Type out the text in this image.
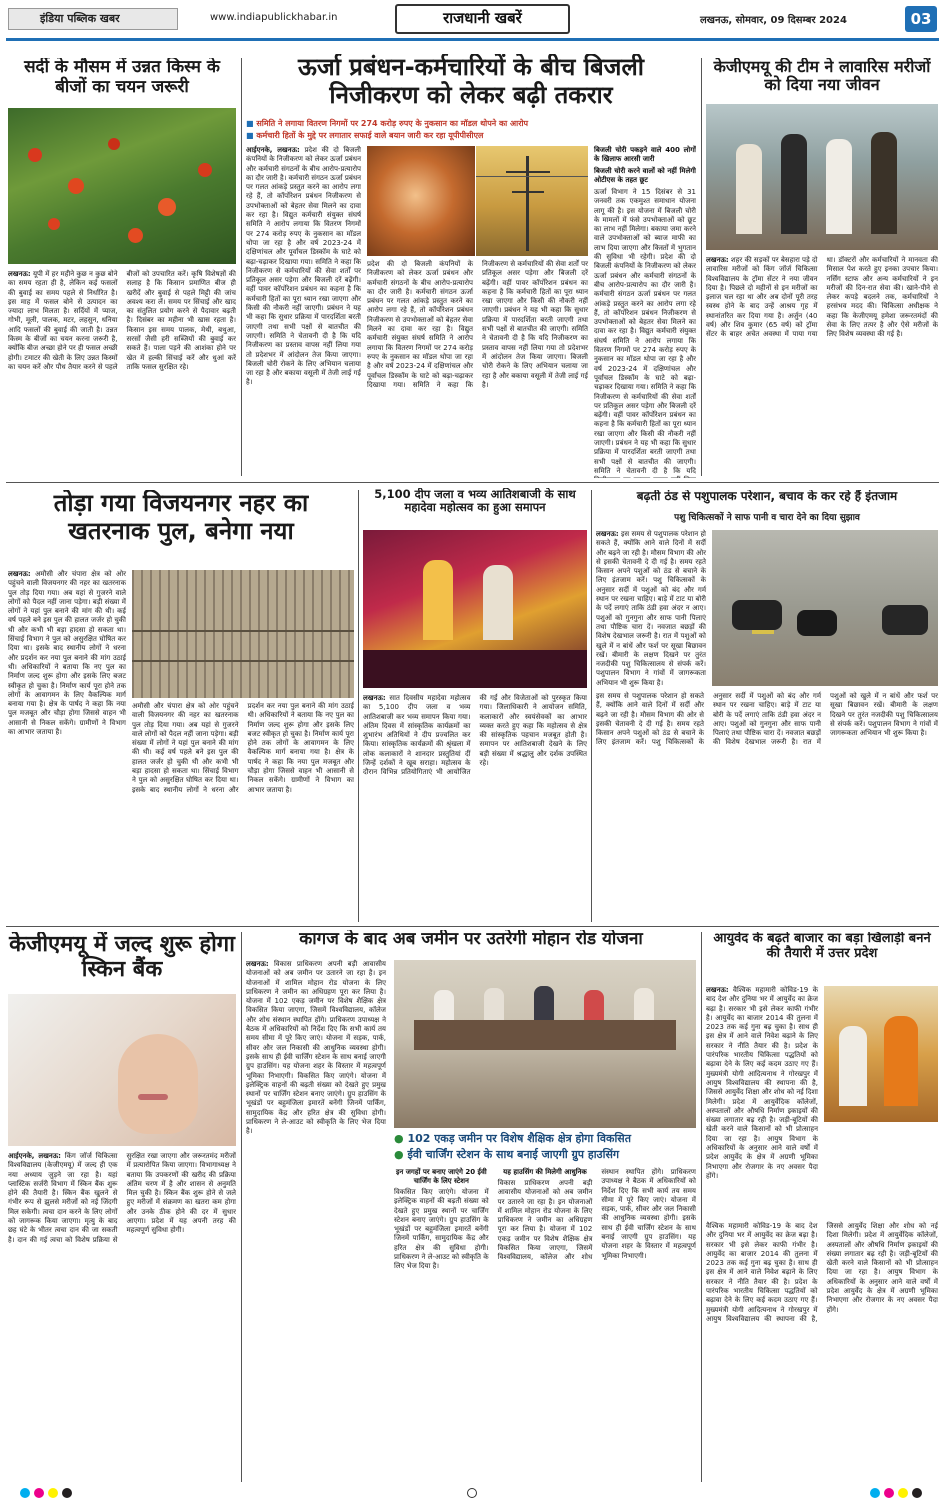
इंडिया पब्लिक खबर	www.indiapublickhabar.in	राजधानी खबरें	लखनऊ, सोमवार, 09 दिसम्बर 2024	03
सर्दी के मौसम में उन्नत किस्म के बीजों का चयन जरूरी
लखनऊ: यूपी में हर महीने कुछ न कुछ बोने का समय रहता ही है, लेकिन कई फसलों की बुवाई का समय पहले से निर्धारित है। इस माह में फसल बोने से उत्पादन का ज्यादा लाभ मिलता है। सर्दियों में प्याज, गोभी, मूली, पालक, मटर, लहसुन, धनिया आदि फसलों की बुवाई की जाती है। उन्नत किस्म के बीजों का चयन करना जरूरी है, क्योंकि बीज अच्छा होने पर ही फसल अच्छी होगी। टमाटर की खेती के लिए उन्नत किस्मों का चयन करें और पौध तैयार करने से पहले बीजों को उपचारित करें। कृषि विशेषज्ञों की सलाह है कि किसान प्रमाणित बीज ही खरीदें और बुवाई से पहले मिट्टी की जांच अवश्य करा लें। समय पर सिंचाई और खाद का संतुलित प्रयोग करने से पैदावार बढ़ती है। दिसंबर का महीना भी खास रहता है। किसान इस समय पालक, मेथी, बथुआ, सरसों जैसी हरी सब्जियों की बुवाई कर सकते हैं। पाला पड़ने की आशंका होने पर खेत में हल्की सिंचाई करें और धुआं करें ताकि फसल सुरक्षित रहे।
ऊर्जा प्रबंधन-कर्मचारियों के बीच बिजली निजीकरण को लेकर बढ़ी तकरार
■ समिति ने लगाया वितरण निगमों पर 274 करोड़ रुपए के नुकसान का मॉडल थोपने का आरोप
■ कर्मचारी हितों के मुद्दे पर लगातार सफाई वाले बयान जारी कर रहा यूपीपीसीएल
आईएनके, लखनऊ: प्रदेश की दो बिजली कंपनियों के निजीकरण को लेकर ऊर्जा प्रबंधन और कर्मचारी संगठनों के बीच आरोप-प्रत्यारोप का दौर जारी है। कर्मचारी संगठन ऊर्जा प्रबंधन पर गलत आंकड़े प्रस्तुत करने का आरोप लगा रहे हैं, तो कॉर्पोरेशन प्रबंधन निजीकरण से उपभोक्ताओं को बेहतर सेवा मिलने का दावा कर रहा है। विद्युत कर्मचारी संयुक्त संघर्ष समिति ने आरोप लगाया कि वितरण निगमों पर 274 करोड़ रुपए के नुकसान का मॉडल थोपा जा रहा है और वर्ष 2023-24 में दक्षिणांचल और पूर्वांचल डिस्कॉम के घाटे को बढ़ा-चढ़ाकर दिखाया गया। समिति ने कहा कि निजीकरण से कर्मचारियों की सेवा शर्तों पर प्रतिकूल असर पड़ेगा और बिजली दरें बढ़ेंगी। वहीं पावर कॉर्पोरेशन प्रबंधन का कहना है कि कर्मचारी हितों का पूरा ध्यान रखा जाएगा और किसी की नौकरी नहीं जाएगी। प्रबंधन ने यह भी कहा कि सुधार प्रक्रिया में पारदर्शिता बरती जाएगी तथा सभी पक्षों से बातचीत की जाएगी। समिति ने चेतावनी दी है कि यदि निजीकरण का प्रस्ताव वापस नहीं लिया गया तो प्रदेशभर में आंदोलन तेज किया जाएगा। बिजली चोरी रोकने के लिए अभियान चलाया जा रहा है और बकाया वसूली में तेजी लाई गई है।
प्रदेश की दो बिजली कंपनियों के निजीकरण को लेकर ऊर्जा प्रबंधन और कर्मचारी संगठनों के बीच आरोप-प्रत्यारोप का दौर जारी है। कर्मचारी संगठन ऊर्जा प्रबंधन पर गलत आंकड़े प्रस्तुत करने का आरोप लगा रहे हैं, तो कॉर्पोरेशन प्रबंधन निजीकरण से उपभोक्ताओं को बेहतर सेवा मिलने का दावा कर रहा है। विद्युत कर्मचारी संयुक्त संघर्ष समिति ने आरोप लगाया कि वितरण निगमों पर 274 करोड़ रुपए के नुकसान का मॉडल थोपा जा रहा है और वर्ष 2023-24 में दक्षिणांचल और पूर्वांचल डिस्कॉम के घाटे को बढ़ा-चढ़ाकर दिखाया गया। समिति ने कहा कि निजीकरण से कर्मचारियों की सेवा शर्तों पर प्रतिकूल असर पड़ेगा और बिजली दरें बढ़ेंगी। वहीं पावर कॉर्पोरेशन प्रबंधन का कहना है कि कर्मचारी हितों का पूरा ध्यान रखा जाएगा और किसी की नौकरी नहीं जाएगी। प्रबंधन ने यह भी कहा कि सुधार प्रक्रिया में पारदर्शिता बरती जाएगी तथा सभी पक्षों से बातचीत की जाएगी। समिति ने चेतावनी दी है कि यदि निजीकरण का प्रस्ताव वापस नहीं लिया गया तो प्रदेशभर में आंदोलन तेज किया जाएगा। बिजली चोरी रोकने के लिए अभियान चलाया जा रहा है और बकाया वसूली में तेजी लाई गई है।
बिजली चोरी पकड़ने वाले 400 लोगों के खिलाफ आरसी जारी
बिजली चोरी करने वालों को नहीं मिलेगी ओटीएस के तहत छूट
ऊर्जा विभाग ने 15 दिसंबर से 31 जनवरी तक एकमुश्त समाधान योजना लागू की है। इस योजना में बिजली चोरी के मामलों में फंसे उपभोक्ताओं को छूट का लाभ नहीं मिलेगा। बकाया जमा करने वाले उपभोक्ताओं को ब्याज माफी का लाभ दिया जाएगा और किस्तों में भुगतान की सुविधा भी रहेगी। प्रदेश की दो बिजली कंपनियों के निजीकरण को लेकर ऊर्जा प्रबंधन और कर्मचारी संगठनों के बीच आरोप-प्रत्यारोप का दौर जारी है। कर्मचारी संगठन ऊर्जा प्रबंधन पर गलत आंकड़े प्रस्तुत करने का आरोप लगा रहे हैं, तो कॉर्पोरेशन प्रबंधन निजीकरण से उपभोक्ताओं को बेहतर सेवा मिलने का दावा कर रहा है। विद्युत कर्मचारी संयुक्त संघर्ष समिति ने आरोप लगाया कि वितरण निगमों पर 274 करोड़ रुपए के नुकसान का मॉडल थोपा जा रहा है और वर्ष 2023-24 में दक्षिणांचल और पूर्वांचल डिस्कॉम के घाटे को बढ़ा-चढ़ाकर दिखाया गया। समिति ने कहा कि निजीकरण से कर्मचारियों की सेवा शर्तों पर प्रतिकूल असर पड़ेगा और बिजली दरें बढ़ेंगी। वहीं पावर कॉर्पोरेशन प्रबंधन का कहना है कि कर्मचारी हितों का पूरा ध्यान रखा जाएगा और किसी की नौकरी नहीं जाएगी। प्रबंधन ने यह भी कहा कि सुधार प्रक्रिया में पारदर्शिता बरती जाएगी तथा सभी पक्षों से बातचीत की जाएगी। समिति ने चेतावनी दी है कि यदि
केजीएमयू की टीम ने लावारिस मरीजों को दिया नया जीवन
लखनऊ: शहर की सड़कों पर बेसहारा पड़े दो लावारिस मरीजों को किंग जॉर्ज चिकित्सा विश्वविद्यालय के ट्रॉमा सेंटर ने नया जीवन दिया है। पिछले दो महीनों से इन मरीजों का इलाज चल रहा था और अब दोनों पूरी तरह स्वस्थ होने के बाद उन्हें आश्रय गृह में स्थानांतरित कर दिया गया है। अर्जुन (40 वर्ष) और शिव कुमार (65 वर्ष) को ट्रॉमा सेंटर के बाहर अचेत अवस्था में पाया गया था। डॉक्टरों और कर्मचारियों ने मानवता की मिसाल पेश करते हुए इनका उपचार किया। नर्सिंग स्टाफ और अन्य कर्मचारियों ने इन मरीजों की दिन-रात सेवा की। खाने-पीने से लेकर कपड़े बदलने तक, कर्मचारियों ने हरसंभव मदद की। चिकित्सा अधीक्षक ने कहा कि केजीएमयू हमेशा जरूरतमंदों की सेवा के लिए तत्पर है और ऐसे मरीजों के लिए विशेष व्यवस्था की गई है।
तोड़ा गया विजयनगर नहर का खतरनाक पुल, बनेगा नया
लखनऊ: अमौसी और चंपारा क्षेत्र को ओर पहुंचने वाली विजयनगर की नहर का खतरनाक पुल तोड़ दिया गया। अब यहां से गुजरने वाले लोगों को पैदल नहीं जाना पड़ेगा। बड़ी संख्या में लोगों ने यहां पुल बनाने की मांग की थी। कई वर्ष पहले बने इस पुल की हालत जर्जर हो चुकी थी और कभी भी बड़ा हादसा हो सकता था। सिंचाई विभाग ने पुल को असुरक्षित घोषित कर दिया था। इसके बाद स्थानीय लोगों ने धरना और प्रदर्शन कर नया पुल बनाने की मांग उठाई थी। अधिकारियों ने बताया कि नए पुल का निर्माण जल्द शुरू होगा और इसके लिए बजट स्वीकृत हो चुका है। निर्माण कार्य पूरा होने तक लोगों के आवागमन के लिए वैकल्पिक मार्ग बनाया गया है। क्षेत्र के पार्षद ने कहा कि नया पुल मजबूत और चौड़ा होगा जिससे वाहन भी आसानी से निकल सकेंगे। ग्रामीणों ने विभाग का आभार जताया है।
अमौसी और चंपारा क्षेत्र को ओर पहुंचने वाली विजयनगर की नहर का खतरनाक पुल तोड़ दिया गया। अब यहां से गुजरने वाले लोगों को पैदल नहीं जाना पड़ेगा। बड़ी संख्या में लोगों ने यहां पुल बनाने की मांग की थी। कई वर्ष पहले बने इस पुल की हालत जर्जर हो चुकी थी और कभी भी बड़ा हादसा हो सकता था। सिंचाई विभाग ने पुल को असुरक्षित घोषित कर दिया था। इसके बाद स्थानीय लोगों ने धरना और प्रदर्शन कर नया पुल बनाने की मांग उठाई थी। अधिकारियों ने बताया कि नए पुल का निर्माण जल्द शुरू होगा और इसके लिए बजट स्वीकृत हो चुका है। निर्माण कार्य पूरा होने तक लोगों के आवागमन के लिए वैकल्पिक मार्ग बनाया गया है। क्षेत्र के पार्षद ने कहा कि नया पुल मजबूत और चौड़ा होगा जिससे वाहन भी आसानी से निकल सकेंगे। ग्रामीणों ने विभाग का आभार जताया है।
5,100 दीप जला व भव्य आतिशबाजी के साथ महादेवा महोत्सव का हुआ समापन
लखनऊ: सात दिवसीय महादेवा महोत्सव का 5,100 दीप जला व भव्य आतिशबाजी कर भव्य समापन किया गया। अंतिम दिवस में सांस्कृतिक कार्यक्रमों का शुभारंभ अतिथियों ने दीप प्रज्वलित कर किया। सांस्कृतिक कार्यक्रमों की श्रृंखला में लोक कलाकारों ने शानदार प्रस्तुतियां दीं जिन्हें दर्शकों ने खूब सराहा। महोत्सव के दौरान विभिन्न प्रतियोगिताएं भी आयोजित की गईं और विजेताओं को पुरस्कृत किया गया। जिलाधिकारी ने आयोजन समिति, कलाकारों और स्वयंसेवकों का आभार व्यक्त करते हुए कहा कि महोत्सव से क्षेत्र की सांस्कृतिक पहचान मजबूत होती है। समापन पर आतिशबाजी देखने के लिए बड़ी संख्या में श्रद्धालु और दर्शक उपस्थित रहे।
बढ़ती ठंड से पशुपालक परेशान, बचाव के कर रहे हैं इंतजाम
पशु चिकित्सकों ने साफ पानी व चारा देने का दिया सुझाव
लखनऊ: इस समय से पशुपालक परेशान हो सकते हैं, क्योंकि आने वाले दिनों में सर्दी और बढ़ने जा रही है। मौसम विभाग की ओर से इसकी चेतावनी दे दी गई है। समय रहते किसान अपने पशुओं को ठंड से बचाने के लिए इंतजाम करें। पशु चिकित्सकों के अनुसार सर्दी में पशुओं को बंद और गर्म स्थान पर रखना चाहिए। बाड़े में टाट या बोरी के पर्दे लगाएं ताकि ठंडी हवा अंदर न आए। पशुओं को गुनगुना और साफ पानी पिलाएं तथा पौष्टिक चारा दें। नवजात बछड़ों की विशेष देखभाल जरूरी है। रात में पशुओं को खुले में न बांधें और फर्श पर सूखा बिछावन रखें। बीमारी के लक्षण दिखने पर तुरंत नजदीकी पशु चिकित्सालय से संपर्क करें। पशुपालन विभाग ने गांवों में जागरूकता अभियान भी शुरू किया है।
इस समय से पशुपालक परेशान हो सकते हैं, क्योंकि आने वाले दिनों में सर्दी और बढ़ने जा रही है। मौसम विभाग की ओर से इसकी चेतावनी दे दी गई है। समय रहते किसान अपने पशुओं को ठंड से बचाने के लिए इंतजाम करें। पशु चिकित्सकों के अनुसार सर्दी में पशुओं को बंद और गर्म स्थान पर रखना चाहिए। बाड़े में टाट या बोरी के पर्दे लगाएं ताकि ठंडी हवा अंदर न आए। पशुओं को गुनगुना और साफ पानी पिलाएं तथा पौष्टिक चारा दें। नवजात बछड़ों की विशेष देखभाल जरूरी है। रात में पशुओं को खुले में न बांधें और फर्श पर सूखा बिछावन रखें। बीमारी के लक्षण दिखने पर तुरंत नजदीकी पशु चिकित्सालय से संपर्क करें। पशुपालन विभाग ने गांवों में जागरूकता अभियान भी शुरू किया है।
केजीएमयू में जल्द शुरू होगा स्किन बैंक
आईएनके, लखनऊ: किंग जॉर्ज चिकित्सा विश्वविद्यालय (केजीएमयू) में जल्द ही एक नया अध्याय जुड़ने जा रहा है। यहां प्लास्टिक सर्जरी विभाग में स्किन बैंक शुरू होने की तैयारी है। स्किन बैंक खुलने से गंभीर रूप से झुलसे मरीजों को नई जिंदगी मिल सकेगी। त्वचा दान करने के लिए लोगों को जागरूक किया जाएगा। मृत्यु के बाद छह घंटे के भीतर त्वचा दान की जा सकती है। दान की गई त्वचा को विशेष प्रक्रिया से सुरक्षित रखा जाएगा और जरूरतमंद मरीजों में प्रत्यारोपित किया जाएगा। विभागाध्यक्ष ने बताया कि उपकरणों की खरीद की प्रक्रिया अंतिम चरण में है और शासन से अनुमति मिल चुकी है। स्किन बैंक शुरू होने से जले हुए मरीजों में संक्रमण का खतरा कम होगा और उनके ठीक होने की दर में सुधार आएगा। प्रदेश में यह अपनी तरह की महत्वपूर्ण सुविधा होगी।
कागज के बाद अब जमीन पर उतरेगी मोहान रोड योजना
लखनऊ: विकास प्राधिकरण अपनी बड़ी आवासीय योजनाओं को अब जमीन पर उतारने जा रहा है। इन योजनाओं में शामिल मोहान रोड योजना के लिए प्राधिकरण ने जमीन का अधिग्रहण पूरा कर लिया है। योजना में 102 एकड़ जमीन पर विशेष शैक्षिक क्षेत्र विकसित किया जाएगा, जिसमें विश्वविद्यालय, कॉलेज और शोध संस्थान स्थापित होंगे। प्राधिकरण उपाध्यक्ष ने बैठक में अधिकारियों को निर्देश दिए कि सभी कार्य तय समय सीमा में पूरे किए जाएं। योजना में सड़क, पार्क, सीवर और जल निकासी की आधुनिक व्यवस्था होगी। इसके साथ ही ईवी चार्जिंग स्टेशन के साथ बनाई जाएगी ग्रुप हाउसिंग। यह योजना शहर के विस्तार में महत्वपूर्ण भूमिका निभाएगी। विकसित किए जाएंगे। योजना में इलेक्ट्रिक वाहनों की बढ़ती संख्या को देखते हुए प्रमुख स्थानों पर चार्जिंग स्टेशन बनाए जाएंगे। ग्रुप हाउसिंग के भूखंडों पर बहुमंजिला इमारतें बनेंगी जिनमें पार्किंग, सामुदायिक केंद्र और हरित क्षेत्र की सुविधा होगी। प्राधिकरण ने ले-आउट को स्वीकृति के लिए भेज दिया है।
● 102 एकड़ जमीन पर विशेष शैक्षिक क्षेत्र होगा विकसित
● ईवी चार्जिंग स्टेशन के साथ बनाई जाएगी ग्रुप हाउसिंग
इन जगहों पर बनाए जाएंगे 20 ईवी चार्जिंग के लिए स्टेशन
विकसित किए जाएंगे। योजना में इलेक्ट्रिक वाहनों की बढ़ती संख्या को देखते हुए प्रमुख स्थानों पर चार्जिंग स्टेशन बनाए जाएंगे। ग्रुप हाउसिंग के भूखंडों पर बहुमंजिला इमारतें बनेंगी जिनमें पार्किंग, सामुदायिक केंद्र और हरित क्षेत्र की सुविधा होगी। प्राधिकरण ने ले-आउट को स्वीकृति के लिए भेज दिया है।
यह हाउसिंग की मिलेगी आधुनिक
विकास प्राधिकरण अपनी बड़ी आवासीय योजनाओं को अब जमीन पर उतारने जा रहा है। इन योजनाओं में शामिल मोहान रोड योजना के लिए प्राधिकरण ने जमीन का अधिग्रहण पूरा कर लिया है। योजना में 102 एकड़ जमीन पर विशेष शैक्षिक क्षेत्र विकसित किया जाएगा, जिसमें विश्वविद्यालय, कॉलेज और शोध संस्थान स्थापित होंगे। प्राधिकरण उपाध्यक्ष ने बैठक में अधिकारियों को निर्देश दिए कि सभी कार्य तय समय सीमा में पूरे किए जाएं। योजना में सड़क, पार्क, सीवर और जल निकासी की आधुनिक व्यवस्था होगी। इसके साथ ही ईवी चार्जिंग स्टेशन के साथ बनाई जाएगी ग्रुप हाउसिंग। यह योजना शहर के विस्तार में महत्वपूर्ण भूमिका निभाएगी।
आयुर्वेद के बढ़ते बाजार का बड़ा खिलाड़ी बनने की तैयारी में उत्तर प्रदेश
लखनऊ: वैश्विक महामारी कोविड-19 के बाद देश और दुनिया भर में आयुर्वेद का क्रेज बढ़ा है। सरकार भी इसे लेकर काफी गंभीर है। आयुर्वेद का बाजार 2014 की तुलना में 2023 तक कई गुना बढ़ चुका है। साथ ही इस क्षेत्र में आने वाले निवेश बढ़ाने के लिए सरकार ने नीति तैयार की है। प्रदेश के पारंपरिक भारतीय चिकित्सा पद्धतियों को बढ़ावा देने के लिए कई कदम उठाए गए हैं। मुख्यमंत्री योगी आदित्यनाथ ने गोरखपुर में आयुष विश्वविद्यालय की स्थापना की है, जिससे आयुर्वेद शिक्षा और शोध को नई दिशा मिलेगी। प्रदेश में आयुर्वेदिक कॉलेजों, अस्पतालों और औषधि निर्माण इकाइयों की संख्या लगातार बढ़ रही है। जड़ी-बूटियों की खेती करने वाले किसानों को भी प्रोत्साहन दिया जा रहा है। आयुष विभाग के अधिकारियों के अनुसार आने वाले वर्षों में प्रदेश आयुर्वेद के क्षेत्र में अग्रणी भूमिका निभाएगा और रोजगार के नए अवसर पैदा होंगे।
वैश्विक महामारी कोविड-19 के बाद देश और दुनिया भर में आयुर्वेद का क्रेज बढ़ा है। सरकार भी इसे लेकर काफी गंभीर है। आयुर्वेद का बाजार 2014 की तुलना में 2023 तक कई गुना बढ़ चुका है। साथ ही इस क्षेत्र में आने वाले निवेश बढ़ाने के लिए सरकार ने नीति तैयार की है। प्रदेश के पारंपरिक भारतीय चिकित्सा पद्धतियों को बढ़ावा देने के लिए कई कदम उठाए गए हैं। मुख्यमंत्री योगी आदित्यनाथ ने गोरखपुर में आयुष विश्वविद्यालय की स्थापना की है, जिससे आयुर्वेद शिक्षा और शोध को नई दिशा मिलेगी। प्रदेश में आयुर्वेदिक कॉलेजों, अस्पतालों और औषधि निर्माण इकाइयों की संख्या लगातार बढ़ रही है। जड़ी-बूटियों की खेती करने वाले किसानों को भी प्रोत्साहन दिया जा रहा है। आयुष विभाग के अधिकारियों के अनुसार आने वाले वर्षों में प्रदेश आयुर्वेद के क्षेत्र में अग्रणी भूमिका निभाएगा और रोजगार के नए अवसर पैदा होंगे।
